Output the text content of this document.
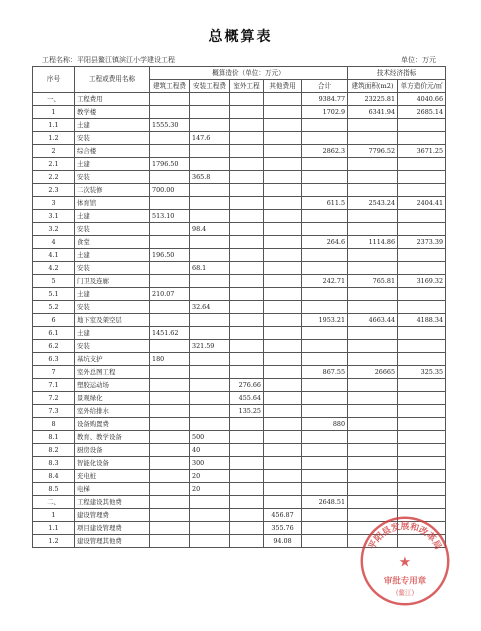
总概算表
工程名称：平阳县鳌江镇滨江小学建设工程	单位：万元
序号	工程或费用名称	概算造价（单位：万元）					技术经济指标	
		建筑工程费	安装工程费	室外工程	其他费用	合计	建筑面积(m2)	单方造价元/㎡
一、	工程费用					9384.77	23225.81	4040.66
1	教学楼					1702.9	6341.94	2685.14
1.1	土建	1555.30						
1.2	安装		147.6					
2	综合楼					2862.3	7796.52	3671.25
2.1	土建	1796.50						
2.2	安装		365.8					
2.3	二次装修	700.00						
3	体育馆					611.5	2543.24	2404.41
3.1	土建	513.10						
3.2	安装		98.4					
4	食堂					264.6	1114.86	2373.39
4.1	土建	196.50						
4.2	安装		68.1					
5	门卫及连廊					242.71	765.81	3169.32
5.1	土建	210.07						
5.2	安装		32.64					
6	地下室及架空层					1953.21	4663.44	4188.34
6.1	土建	1451.62						
6.2	安装		321.59					
6.3	基坑支护	180						
7	室外总图工程					867.55	26665	325.35
7.1	塑胶运动场			276.66				
7.2	景观绿化			455.64				
7.3	室外给排水			135.25				
8	设备购置费					880		
8.1	教育、教学设备		500					
8.2	厨房设备		40					
8.3	智能化设备		300					
8.4	充电桩		20					
8.5	电梯		20					
二、	工程建设其他费					2648.51		
1	建设管理费				456.87			
1.1	项目建设管理费				355.76			
1.2	建设管理其他费				94.08				平阳县发展和改革局
★
审批专用章
(鳌江)
